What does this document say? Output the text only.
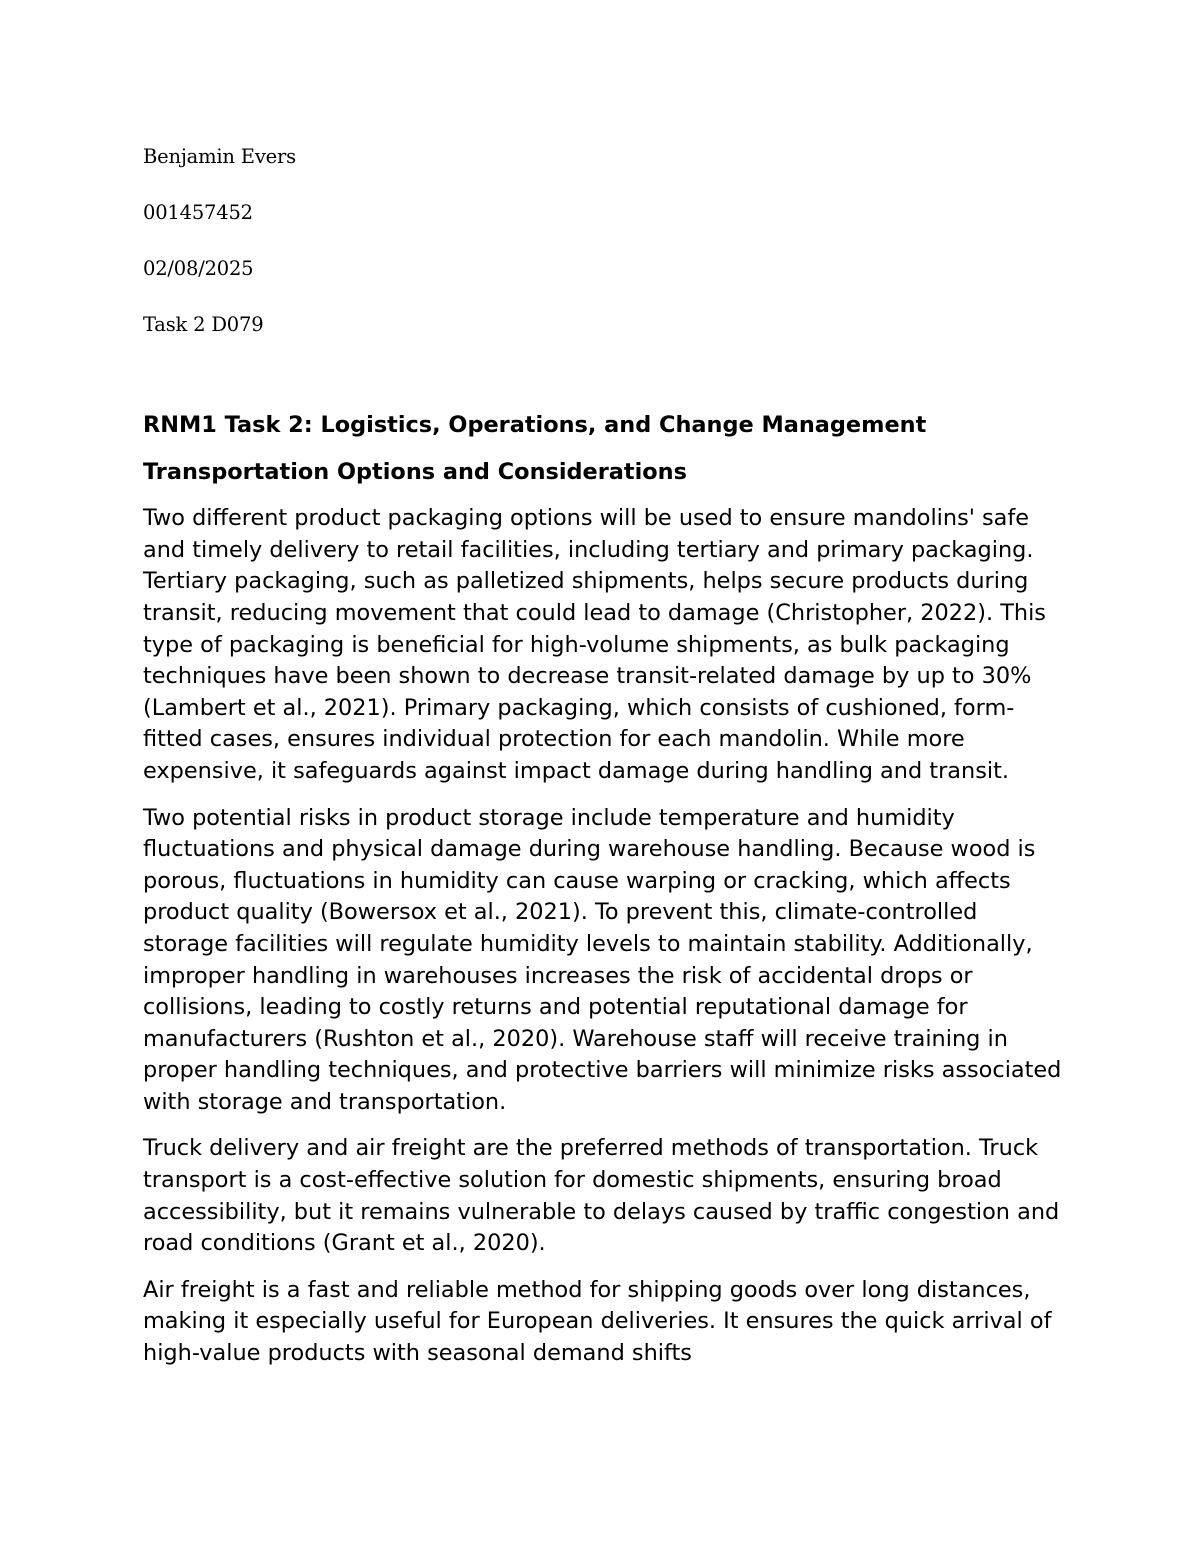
Benjamin Evers

001457452

02/08/2025

Task 2 D079

RNM1 Task 2: Logistics, Operations, and Change Management
Transportation Options and Considerations

Two different product packaging options will be used to ensure mandolins' safe and timely delivery to retail facilities, including tertiary and primary packaging. Tertiary packaging, such as palletized shipments, helps secure products during transit, reducing movement that could lead to damage (Christopher, 2022). This type of packaging is beneficial for high-volume shipments, as bulk packaging techniques have been shown to decrease transit-related damage by up to 30% (Lambert et al., 2021). Primary packaging, which consists of cushioned, form-fitted cases, ensures individual protection for each mandolin. While more expensive, it safeguards against impact damage during handling and transit.

Two potential risks in product storage include temperature and humidity fluctuations and physical damage during warehouse handling. Because wood is porous, fluctuations in humidity can cause warping or cracking, which affects product quality (Bowersox et al., 2021). To prevent this, climate-controlled storage facilities will regulate humidity levels to maintain stability. Additionally, improper handling in warehouses increases the risk of accidental drops or collisions, leading to costly returns and potential reputational damage for manufacturers (Rushton et al., 2020). Warehouse staff will receive training in proper handling techniques, and protective barriers will minimize risks associated with storage and transportation.

Truck delivery and air freight are the preferred methods of transportation. Truck transport is a cost-effective solution for domestic shipments, ensuring broad accessibility, but it remains vulnerable to delays caused by traffic congestion and road conditions (Grant et al., 2020).

Air freight is a fast and reliable method for shipping goods over long distances, making it especially useful for European deliveries. It ensures the quick arrival of high-value products with seasonal demand shifts
